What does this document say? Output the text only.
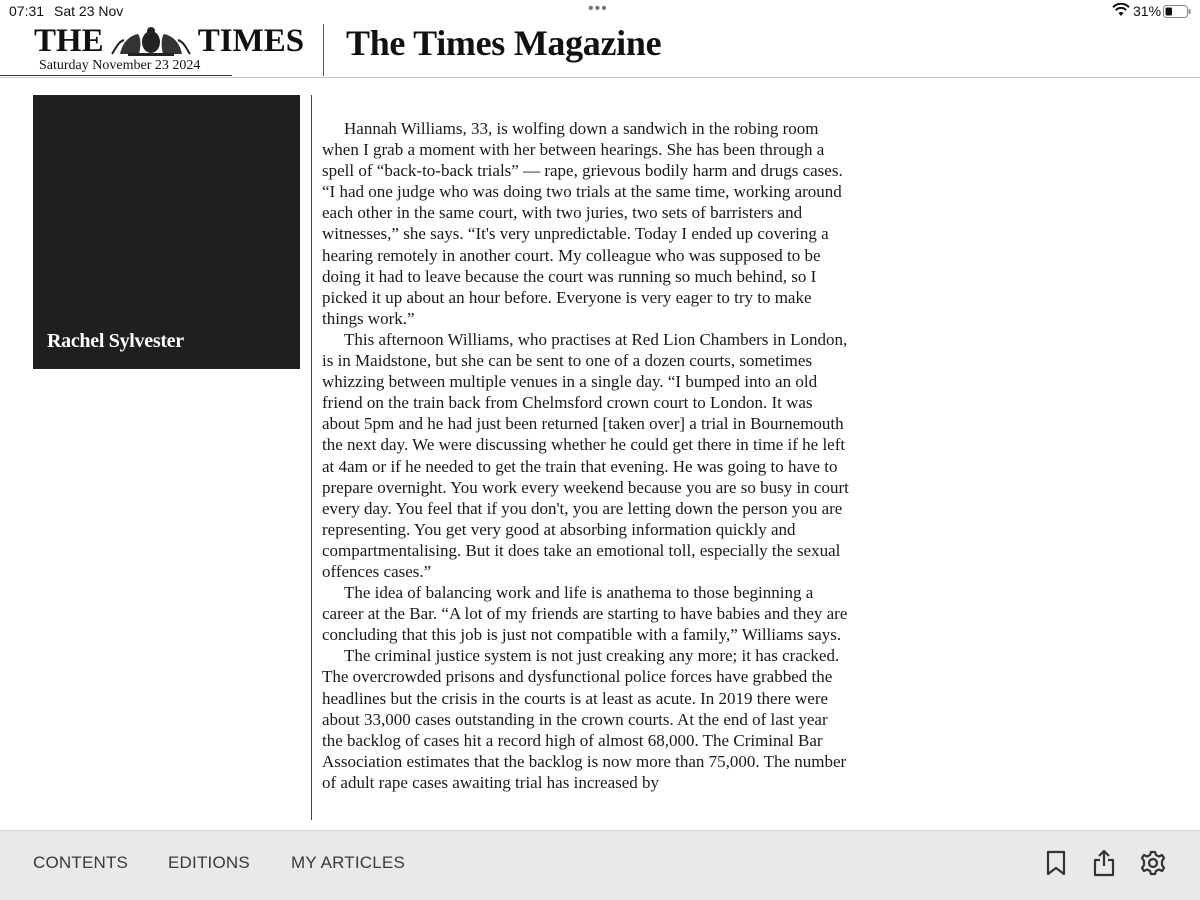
07:31 Sat 23 Nov	•••	31%
THE	TIMES
Saturday November 23 2024
The Times Magazine
Rachel Sylvester

Hannah Williams, 33, is wolfing down a sandwich in the robing room when I grab a moment with her between hearings. She has been through a spell of “back-to-back trials” — rape, grievous bodily harm and drugs cases. “I had one judge who was doing two trials at the same time, working around each other in the same court, with two juries, two sets of barristers and witnesses,” she says. “It's very unpredictable. Today I ended up covering a hearing remotely in another court. My colleague who was supposed to be doing it had to leave because the court was running so much behind, so I picked it up about an hour before. Everyone is very eager to try to make things work.”

This afternoon Williams, who practises at Red Lion Chambers in London, is in Maidstone, but she can be sent to one of a dozen courts, sometimes whizzing between multiple venues in a single day. “I bumped into an old friend on the train back from Chelmsford crown court to London. It was about 5pm and he had just been returned [taken over] a trial in Bournemouth the next day. We were discussing whether he could get there in time if he left at 4am or if he needed to get the train that evening. He was going to have to prepare overnight. You work every weekend because you are so busy in court every day. You feel that if you don't, you are letting down the person you are representing. You get very good at absorbing information quickly and compartmentalising. But it does take an emotional toll, especially the sexual offences cases.”

The idea of balancing work and life is anathema to those beginning a career at the Bar. “A lot of my friends are starting to have babies and they are concluding that this job is just not compatible with a family,” Williams says.

The criminal justice system is not just creaking any more; it has cracked. The overcrowded prisons and dysfunctional police forces have grabbed the headlines but the crisis in the courts is at least as acute. In 2019 there were about 33,000 cases outstanding in the crown courts. At the end of last year the backlog of cases hit a record high of almost 68,000. The Criminal Bar Association estimates that the backlog is now more than 75,000. The number of adult rape cases awaiting trial has increased by

CONTENTS EDITIONS MY ARTICLES
